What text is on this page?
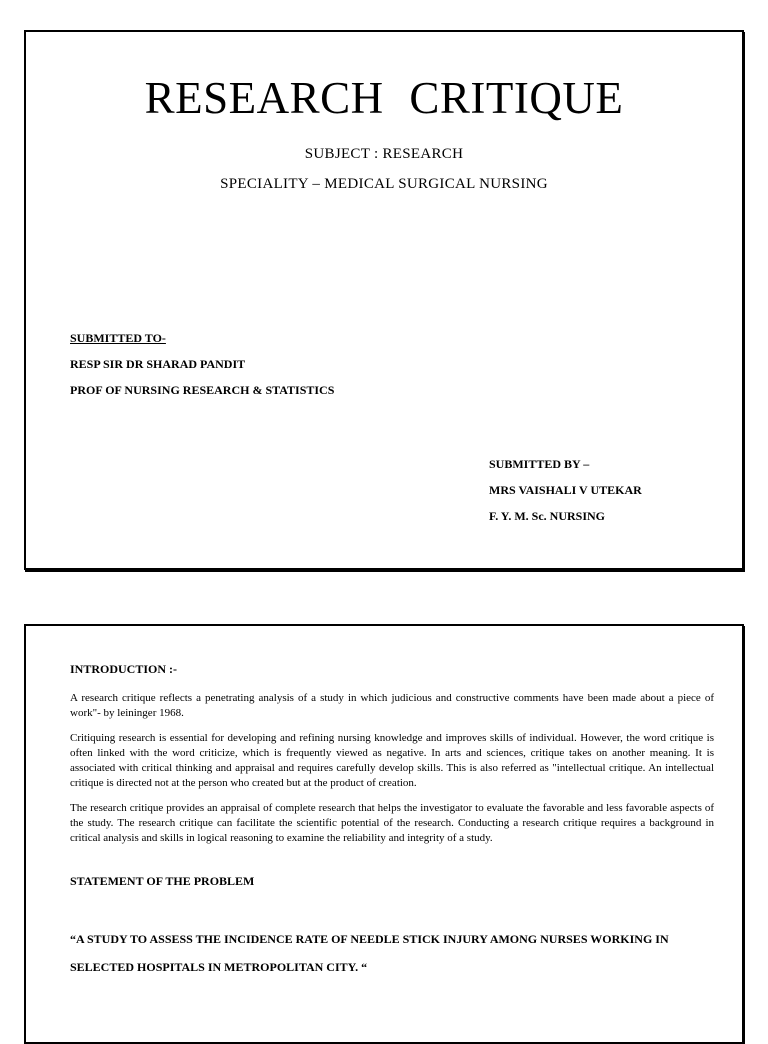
RESEARCH CRITIQUE
SUBJECT : RESEARCH
SPECIALITY – MEDICAL SURGICAL NURSING
SUBMITTED TO-
RESP SIR DR SHARAD PANDIT
PROF OF NURSING RESEARCH & STATISTICS
SUBMITTED BY –
MRS VAISHALI V UTEKAR
F. Y. M. Sc. NURSING
INTRODUCTION :-

A research critique reflects a penetrating analysis of a study in which judicious and constructive comments have been made about a piece of work"- by leininger 1968.

Critiquing research is essential for developing and refining nursing knowledge and improves skills of individual. However, the word critique is often linked with the word criticize, which is frequently viewed as negative. In arts and sciences, critique takes on another meaning. It is associated with critical thinking and appraisal and requires carefully develop skills. This is also referred as "intellectual critique. An intellectual critique is directed not at the person who created but at the product of creation.

The research critique provides an appraisal of complete research that helps the investigator to evaluate the favorable and less favorable aspects of the study. The research critique can facilitate the scientific potential of the research. Conducting a research critique requires a background in critical analysis and skills in logical reasoning to examine the reliability and integrity of a study.

STATEMENT OF THE PROBLEM

“A STUDY TO ASSESS THE INCIDENCE RATE OF NEEDLE STICK INJURY AMONG NURSES WORKING IN

SELECTED HOSPITALS IN METROPOLITAN CITY. “
